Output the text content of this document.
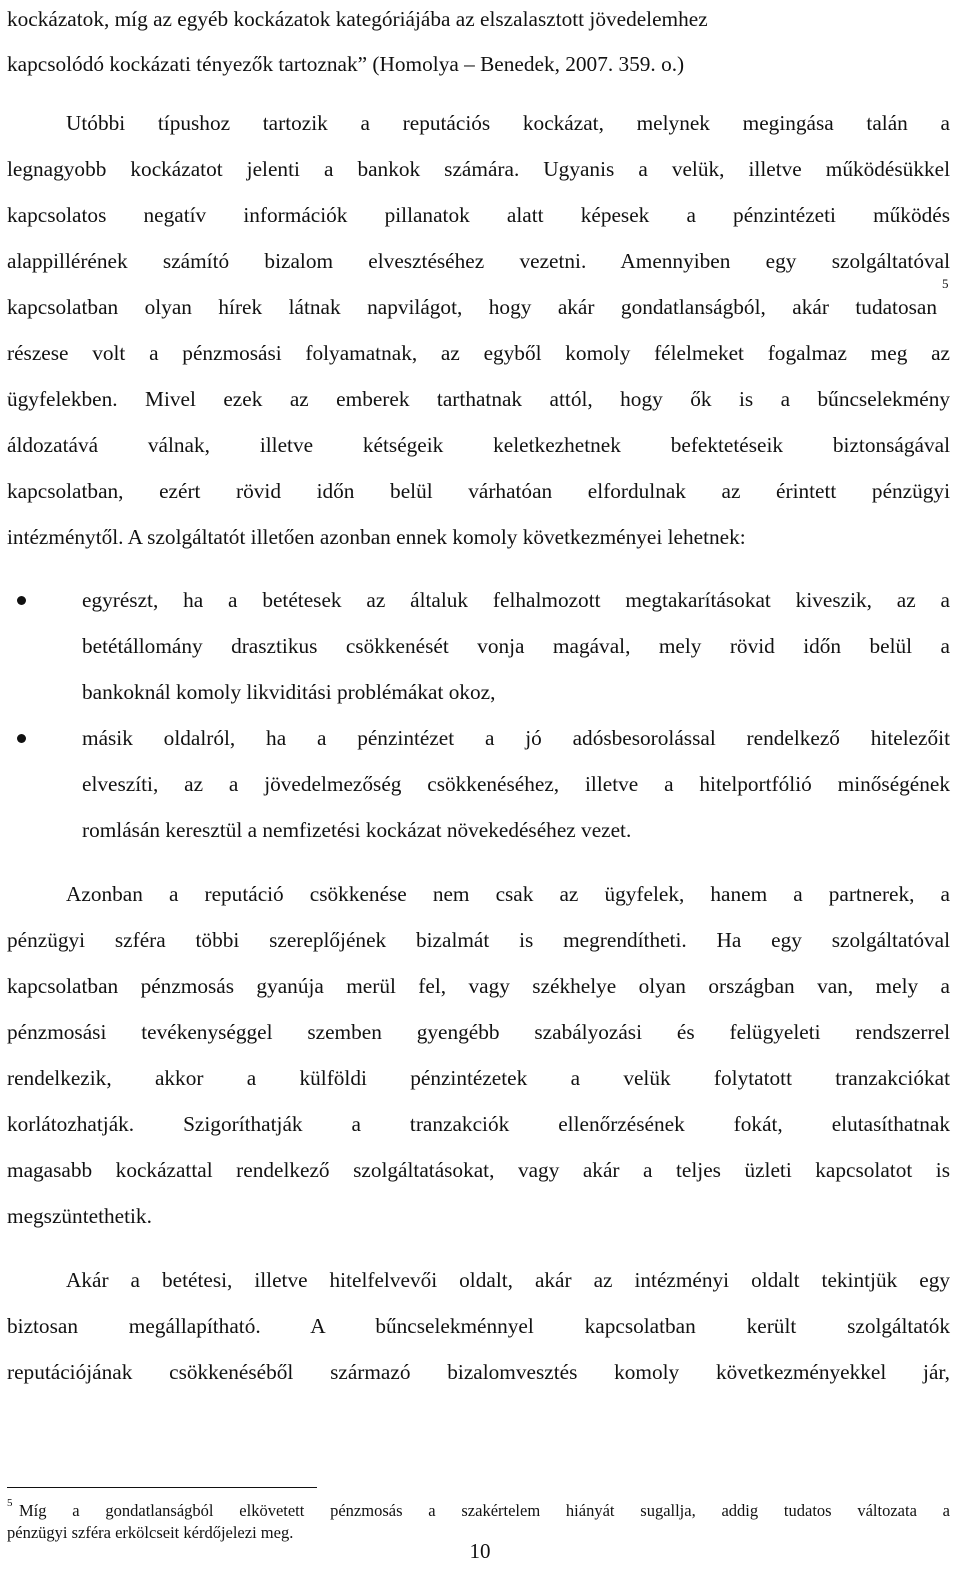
kockázatok, míg az egyéb kockázatok kategóriájába az elszalasztott jövedelemhez
kapcsolódó kockázati tényezők tartoznak” (Homolya – Benedek, 2007. 359. o.)
Utóbbi típushoz tartozik a reputációs kockázat, melynek megingása talán a
legnagyobb kockázatot jelenti a bankok számára. Ugyanis a velük, illetve működésükkel
kapcsolatos negatív információk pillanatok alatt képesek a pénzintézeti működés
alappillérének számító bizalom elvesztéséhez vezetni. Amennyiben egy szolgáltatóval
kapcsolatban olyan hírek látnak napvilágot, hogy akár gondatlanságból, akár tudatosan
5
részese volt a pénzmosási folyamatnak, az egyből komoly félelmeket fogalmaz meg az
ügyfelekben. Mivel ezek az emberek tarthatnak attól, hogy ők is a bűncselekmény
áldozatává válnak, illetve kétségeik keletkezhetnek befektetéseik biztonságával
kapcsolatban, ezért rövid időn belül várhatóan elfordulnak az érintett pénzügyi
intézménytől. A szolgáltatót illetően azonban ennek komoly következményei lehetnek:
egyrészt, ha a betétesek az általuk felhalmozott megtakarításokat kiveszik, az a
betétállomány drasztikus csökkenését vonja magával, mely rövid időn belül a
bankoknál komoly likviditási problémákat okoz,
másik oldalról, ha a pénzintézet a jó adósbesorolással rendelkező hitelezőit
elveszíti, az a jövedelmezőség csökkenéséhez, illetve a hitelportfólió minőségének
romlásán keresztül a nemfizetési kockázat növekedéséhez vezet.
Azonban a reputáció csökkenése nem csak az ügyfelek, hanem a partnerek, a
pénzügyi szféra többi szereplőjének bizalmát is megrendítheti. Ha egy szolgáltatóval
kapcsolatban pénzmosás gyanúja merül fel, vagy székhelye olyan országban van, mely a
pénzmosási tevékenységgel szemben gyengébb szabályozási és felügyeleti rendszerrel
rendelkezik, akkor a külföldi pénzintézetek a velük folytatott tranzakciókat
korlátozhatják. Szigoríthatják a tranzakciók ellenőrzésének fokát, elutasíthatnak
magasabb kockázattal rendelkező szolgáltatásokat, vagy akár a teljes üzleti kapcsolatot is
megszüntethetik.
Akár a betétesi, illetve hitelfelvevői oldalt, akár az intézményi oldalt tekintjük egy
biztosan megállapítható. A bűncselekménnyel kapcsolatban került szolgáltatók
reputációjának csökkenéséből származó bizalomvesztés komoly következményekkel jár,
5 Míg a gondatlanságból elkövetett pénzmosás a szakértelem hiányát sugallja, addig tudatos változata a
pénzügyi szféra erkölcseit kérdőjelezi meg.
10
